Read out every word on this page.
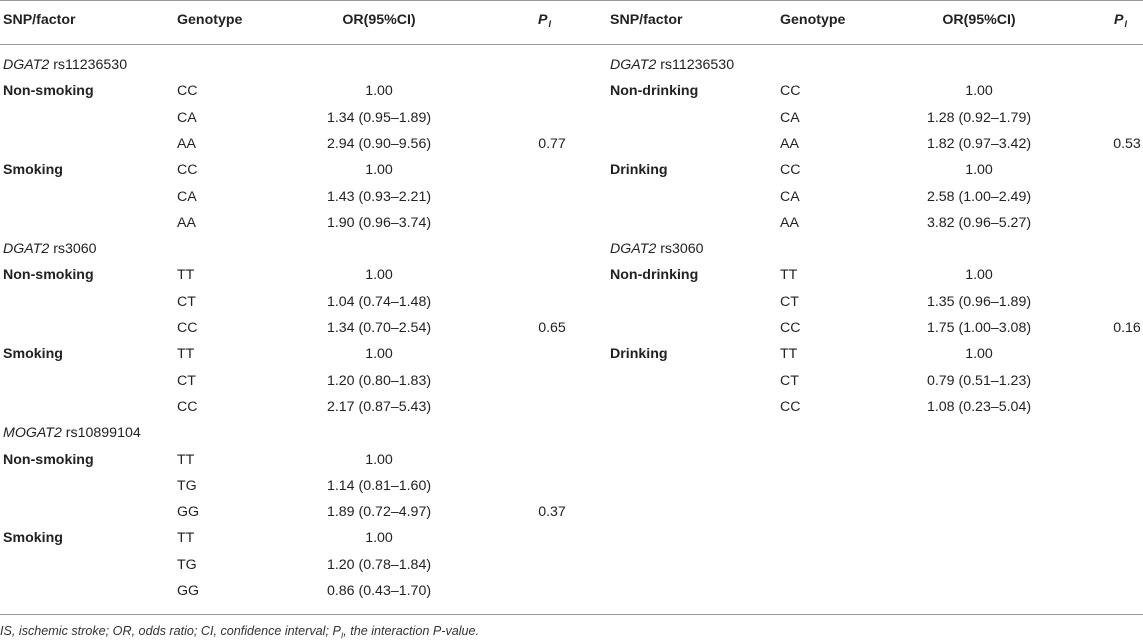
SNP/factor	Genotype	OR(95%CI)	$P_I$	SNP/factor	Genotype	OR(95%CI)	$P_I$
DGAT2 rs11236530
Non-smoking	CC	1.00
CA	1.34 (0.95–1.89)
AA	2.94 (0.90–9.56)	0.77
Smoking	CC	1.00
CA	1.43 (0.93–2.21)
AA	1.90 (0.96–3.74)
DGAT2 rs3060
Non-smoking	TT	1.00
CT	1.04 (0.74–1.48)
CC	1.34 (0.70–2.54)	0.65
Smoking	TT	1.00
CT	1.20 (0.80–1.83)
CC	2.17 (0.87–5.43)
MOGAT2 rs10899104
Non-smoking	TT	1.00
TG	1.14 (0.81–1.60)
GG	1.89 (0.72–4.97)	0.37
Smoking	TT	1.00
TG	1.20 (0.78–1.84)
GG	0.86 (0.43–1.70)
DGAT2 rs11236530
Non-drinking	CC	1.00
CA	1.28 (0.92–1.79)
AA	1.82 (0.97–3.42)	0.53
Drinking	CC	1.00
CA	2.58 (1.00–2.49)
AA	3.82 (0.96–5.27)
DGAT2 rs3060
Non-drinking	TT	1.00
CT	1.35 (0.96–1.89)
CC	1.75 (1.00–3.08)	0.16
Drinking	TT	1.00
CT	0.79 (0.51–1.23)
CC	1.08 (0.23–5.04)
IS, ischemic stroke; OR, odds ratio; CI, confidence interval; $P_I$, the interaction P-value.
